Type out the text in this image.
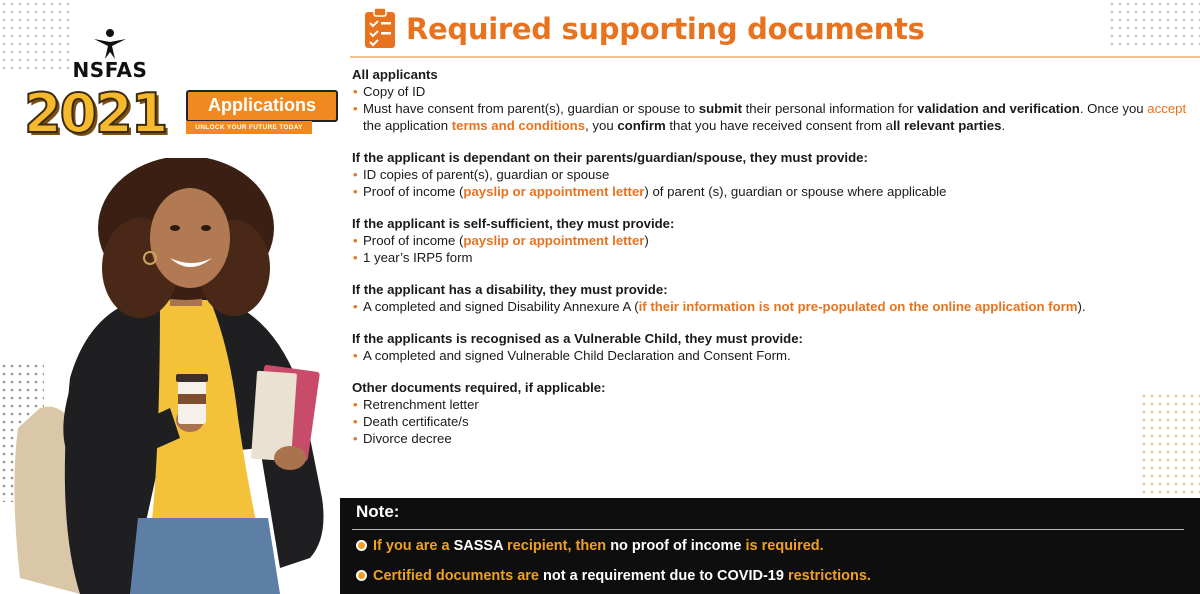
NSFAS
2021	Applications
UNLOCK YOUR FUTURE TODAY
Required supporting documents

All applicants

• Copy of ID
• Must have consent from parent(s), guardian or spouse to submit their personal information for validation and verification. Once you accept the application terms and conditions, you confirm that you have received consent from all relevant parties.

If the applicant is dependant on their parents/guardian/spouse, they must provide:

• ID copies of parent(s), guardian or spouse
• Proof of income (payslip or appointment letter) of parent (s), guardian or spouse where applicable

If the applicant is self-sufficient, they must provide:

• Proof of income (payslip or appointment letter)
• 1 year’s IRP5 form

If the applicant has a disability, they must provide:

• A completed and signed Disability Annexure A (if their information is not pre-populated on the online application form).

If the applicants is recognised as a Vulnerable Child, they must provide:

• A completed and signed Vulnerable Child Declaration and Consent Form.

Other documents required, if applicable:

• Retrenchment letter
• Death certificate/s
• Divorce decree
Note:
If you are a SASSA recipient, then no proof of income is required.
Certified documents are not a requirement due to COVID-19 restrictions.
